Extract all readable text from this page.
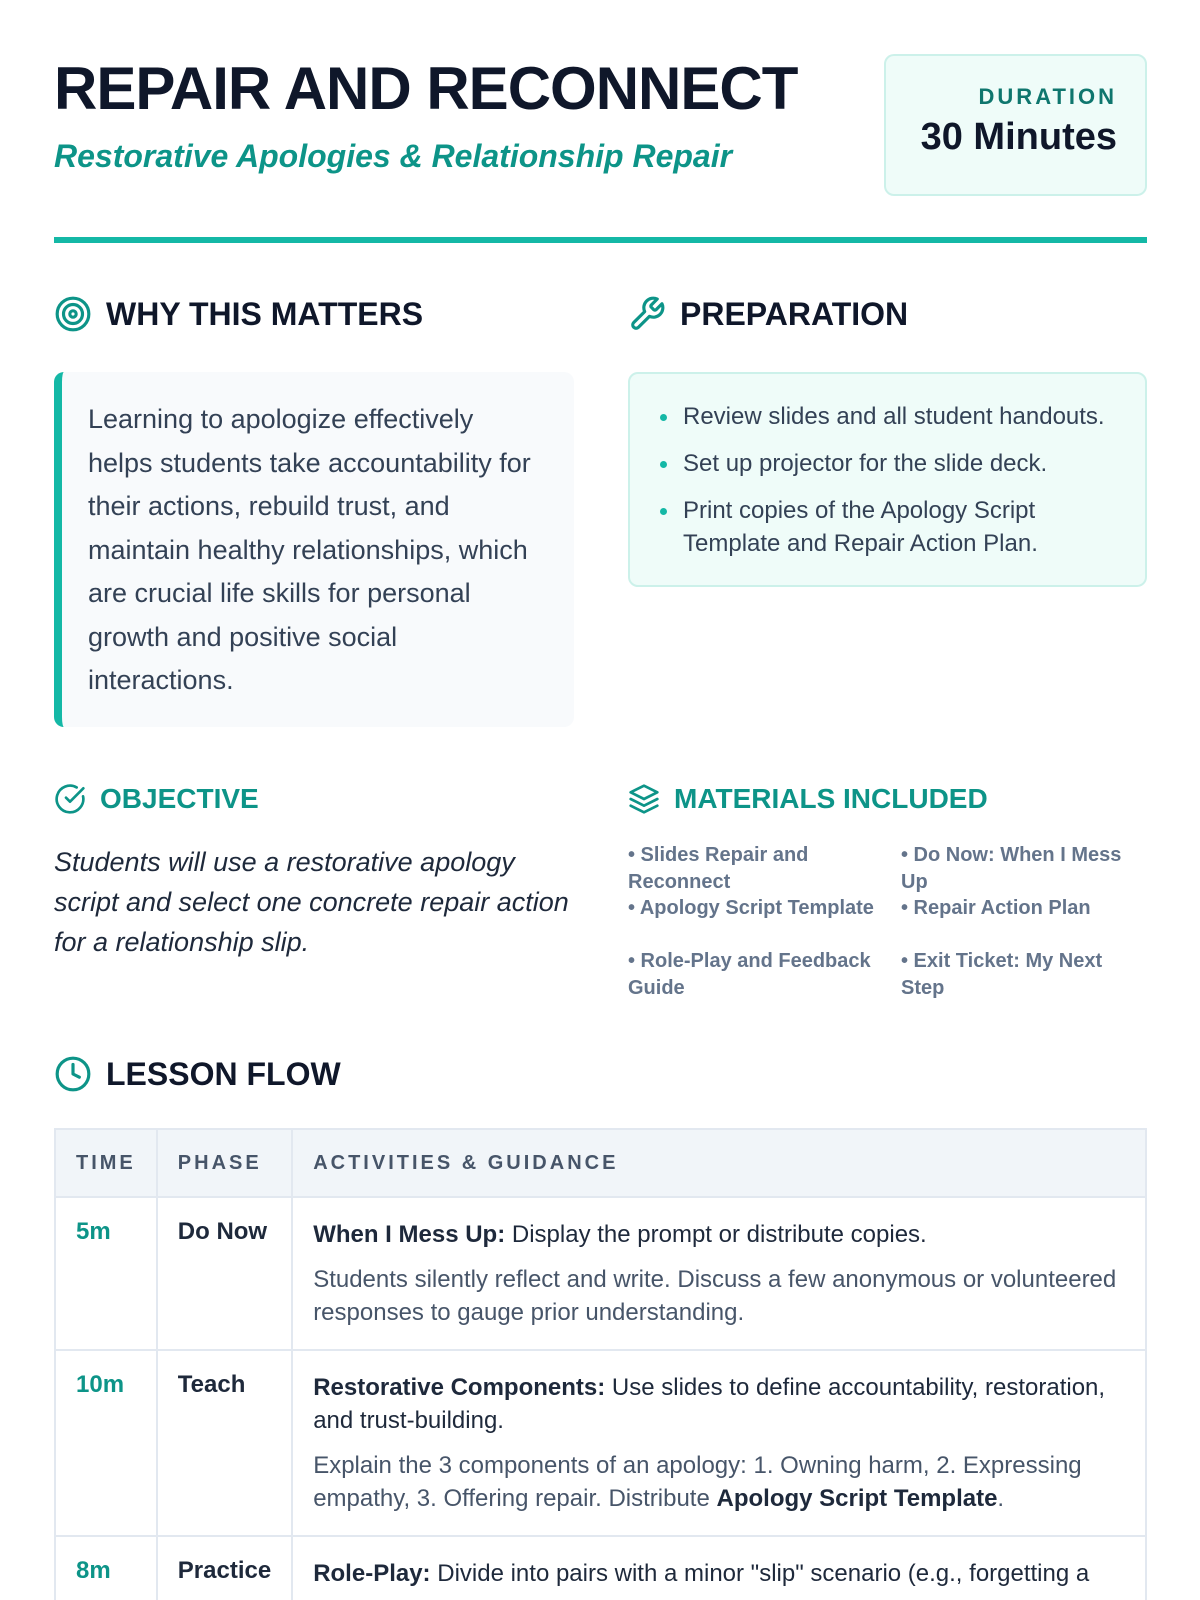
REPAIR AND RECONNECT
Restorative Apologies & Relationship Repair
DURATION
30 Minutes
WHY THIS MATTERS

Learning to apologize effectively helps students take accountability for their actions, rebuild trust, and maintain healthy relationships, which are crucial life skills for personal growth and positive social interactions.

PREPARATION
Review slides and all student handouts.
Set up projector for the slide deck.
Print copies of the Apology Script Template and Repair Action Plan.
OBJECTIVE

Students will use a restorative apology script and select one concrete repair action for a relationship slip.

MATERIALS INCLUDED
• Slides Repair and Reconnect
• Do Now: When I Mess Up
• Apology Script Template	• Repair Action Plan
• Role-Play and Feedback Guide
• Exit Ticket: My Next Step
LESSON FLOW
TIME	PHASE	ACTIVITIES & GUIDANCE
5m	Do Now	When I Mess Up: Display the prompt or distribute copies.
Students silently reflect and write. Discuss a few anonymous or volunteered responses to gauge prior understanding.

10m	Teach	Restorative Components: Use slides to define accountability, restoration, and trust-building.
Explain the 3 components of an apology: 1. Owning harm, 2. Expressing empathy, 3. Offering repair. Distribute Apology Script Template.

8m	Practice	Role-Play: Divide into pairs with a minor "slip" scenario (e.g., forgetting a
